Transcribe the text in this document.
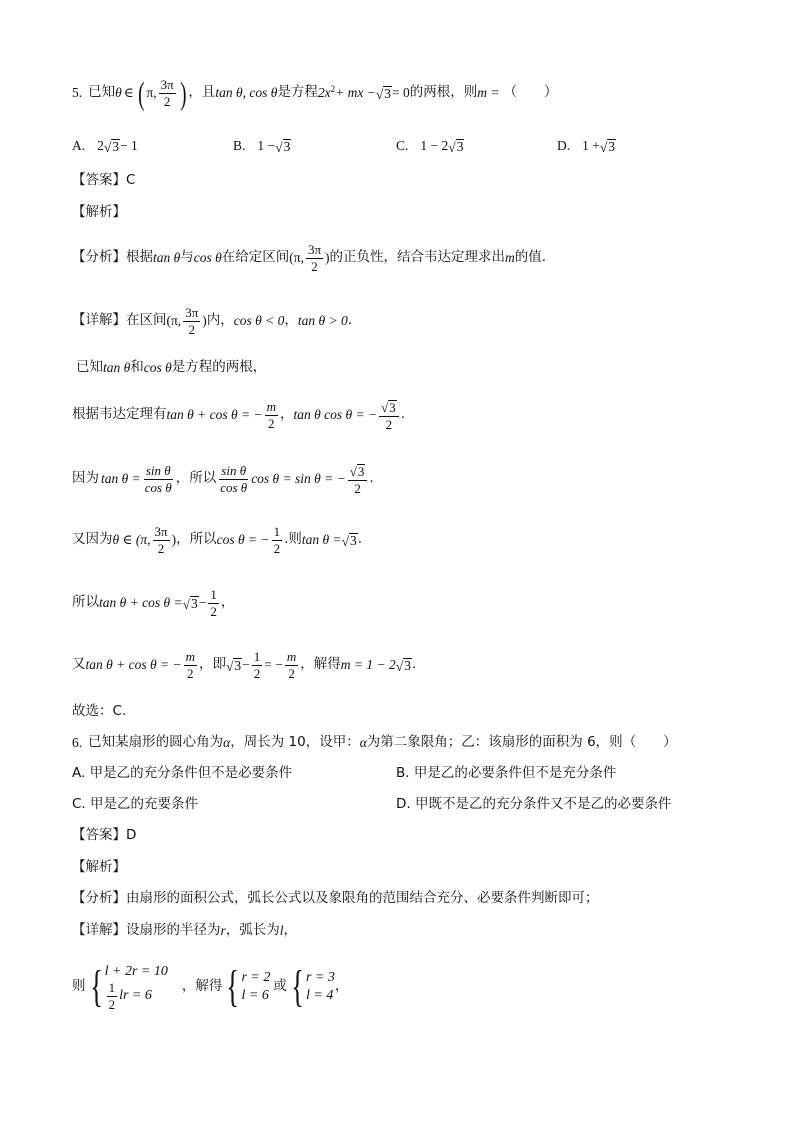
5. 已知 θ ∈ ( π, $\frac{3\pi}{2}$ ) ，且 tan θ, cos θ 是方程 $2x^2$ + mx − √ 3 = 0 的两根，则 m = （　　）
A. 2 √ 3 − 1	B. 1 − √ 3	C. 1 − 2 √ 3	D. 1 + √ 3
【答案】 C
【解析】
【分析】 根据 tan θ 与 cos θ 在给定区间 (π, $\frac{3\pi}{2}$ ) 的正负性，结合韦达定理求出 m 的值.
【详解】 在区间 (π, $\frac{3\pi}{2}$ ) 内， cos θ < 0 ， tan θ > 0 .
已知 tan θ 和 cos θ 是方程的两根，
根据韦达定理有 tan θ + cos θ = − $\frac{m}{2}$ ， tan θ cos θ = − $\frac{√ 3}{2}$ .
因为 $\tan \theta = \frac{\text{sin θ}}{\text{cos θ}}$ ，所以 $\frac{\text{sin θ}}{\text{cos θ}}$ cos θ = sin θ = − $\frac{√ 3}{2}$ .
又因为 θ ∈ (π, $\frac{3\pi}{2}$ ) ，所以 cos θ = − $\frac{1}{2}$ .则 tan θ = √ 3 .
所以 tan θ + cos θ = √ $3 - \frac{1}{2}$ ，
又 tan θ + cos θ = − $\frac{m}{2}$ ，即 √ $3 - \frac{1}{2}$ = − $\frac{m}{2}$ ，解得 m = 1 − 2 √ 3 .
故选：C.
6. 已知某扇形的圆心角为 α ，周长为 10，设甲： α 为第二象限角；乙：该扇形的面积为 6，则（　　）
A. 甲是乙的充分条件但不是必要条件	B. 甲是乙的必要条件但不是充分条件
C. 甲是乙的充要条件	D. 甲既不是乙的充分条件又不是乙的必要条件
【答案】 D
【解析】
【分析】 由扇形的面积公式，弧长公式以及象限角的范围结合充分、必要条件判断即可；
【详解】 设扇形的半径为 r ，弧长为 l ，
则 { l + 2r = 10
$\frac{1}{2}$ lr = 6
，解得 { r = 2
l = 6
或 { r = 3
l = 4
，
